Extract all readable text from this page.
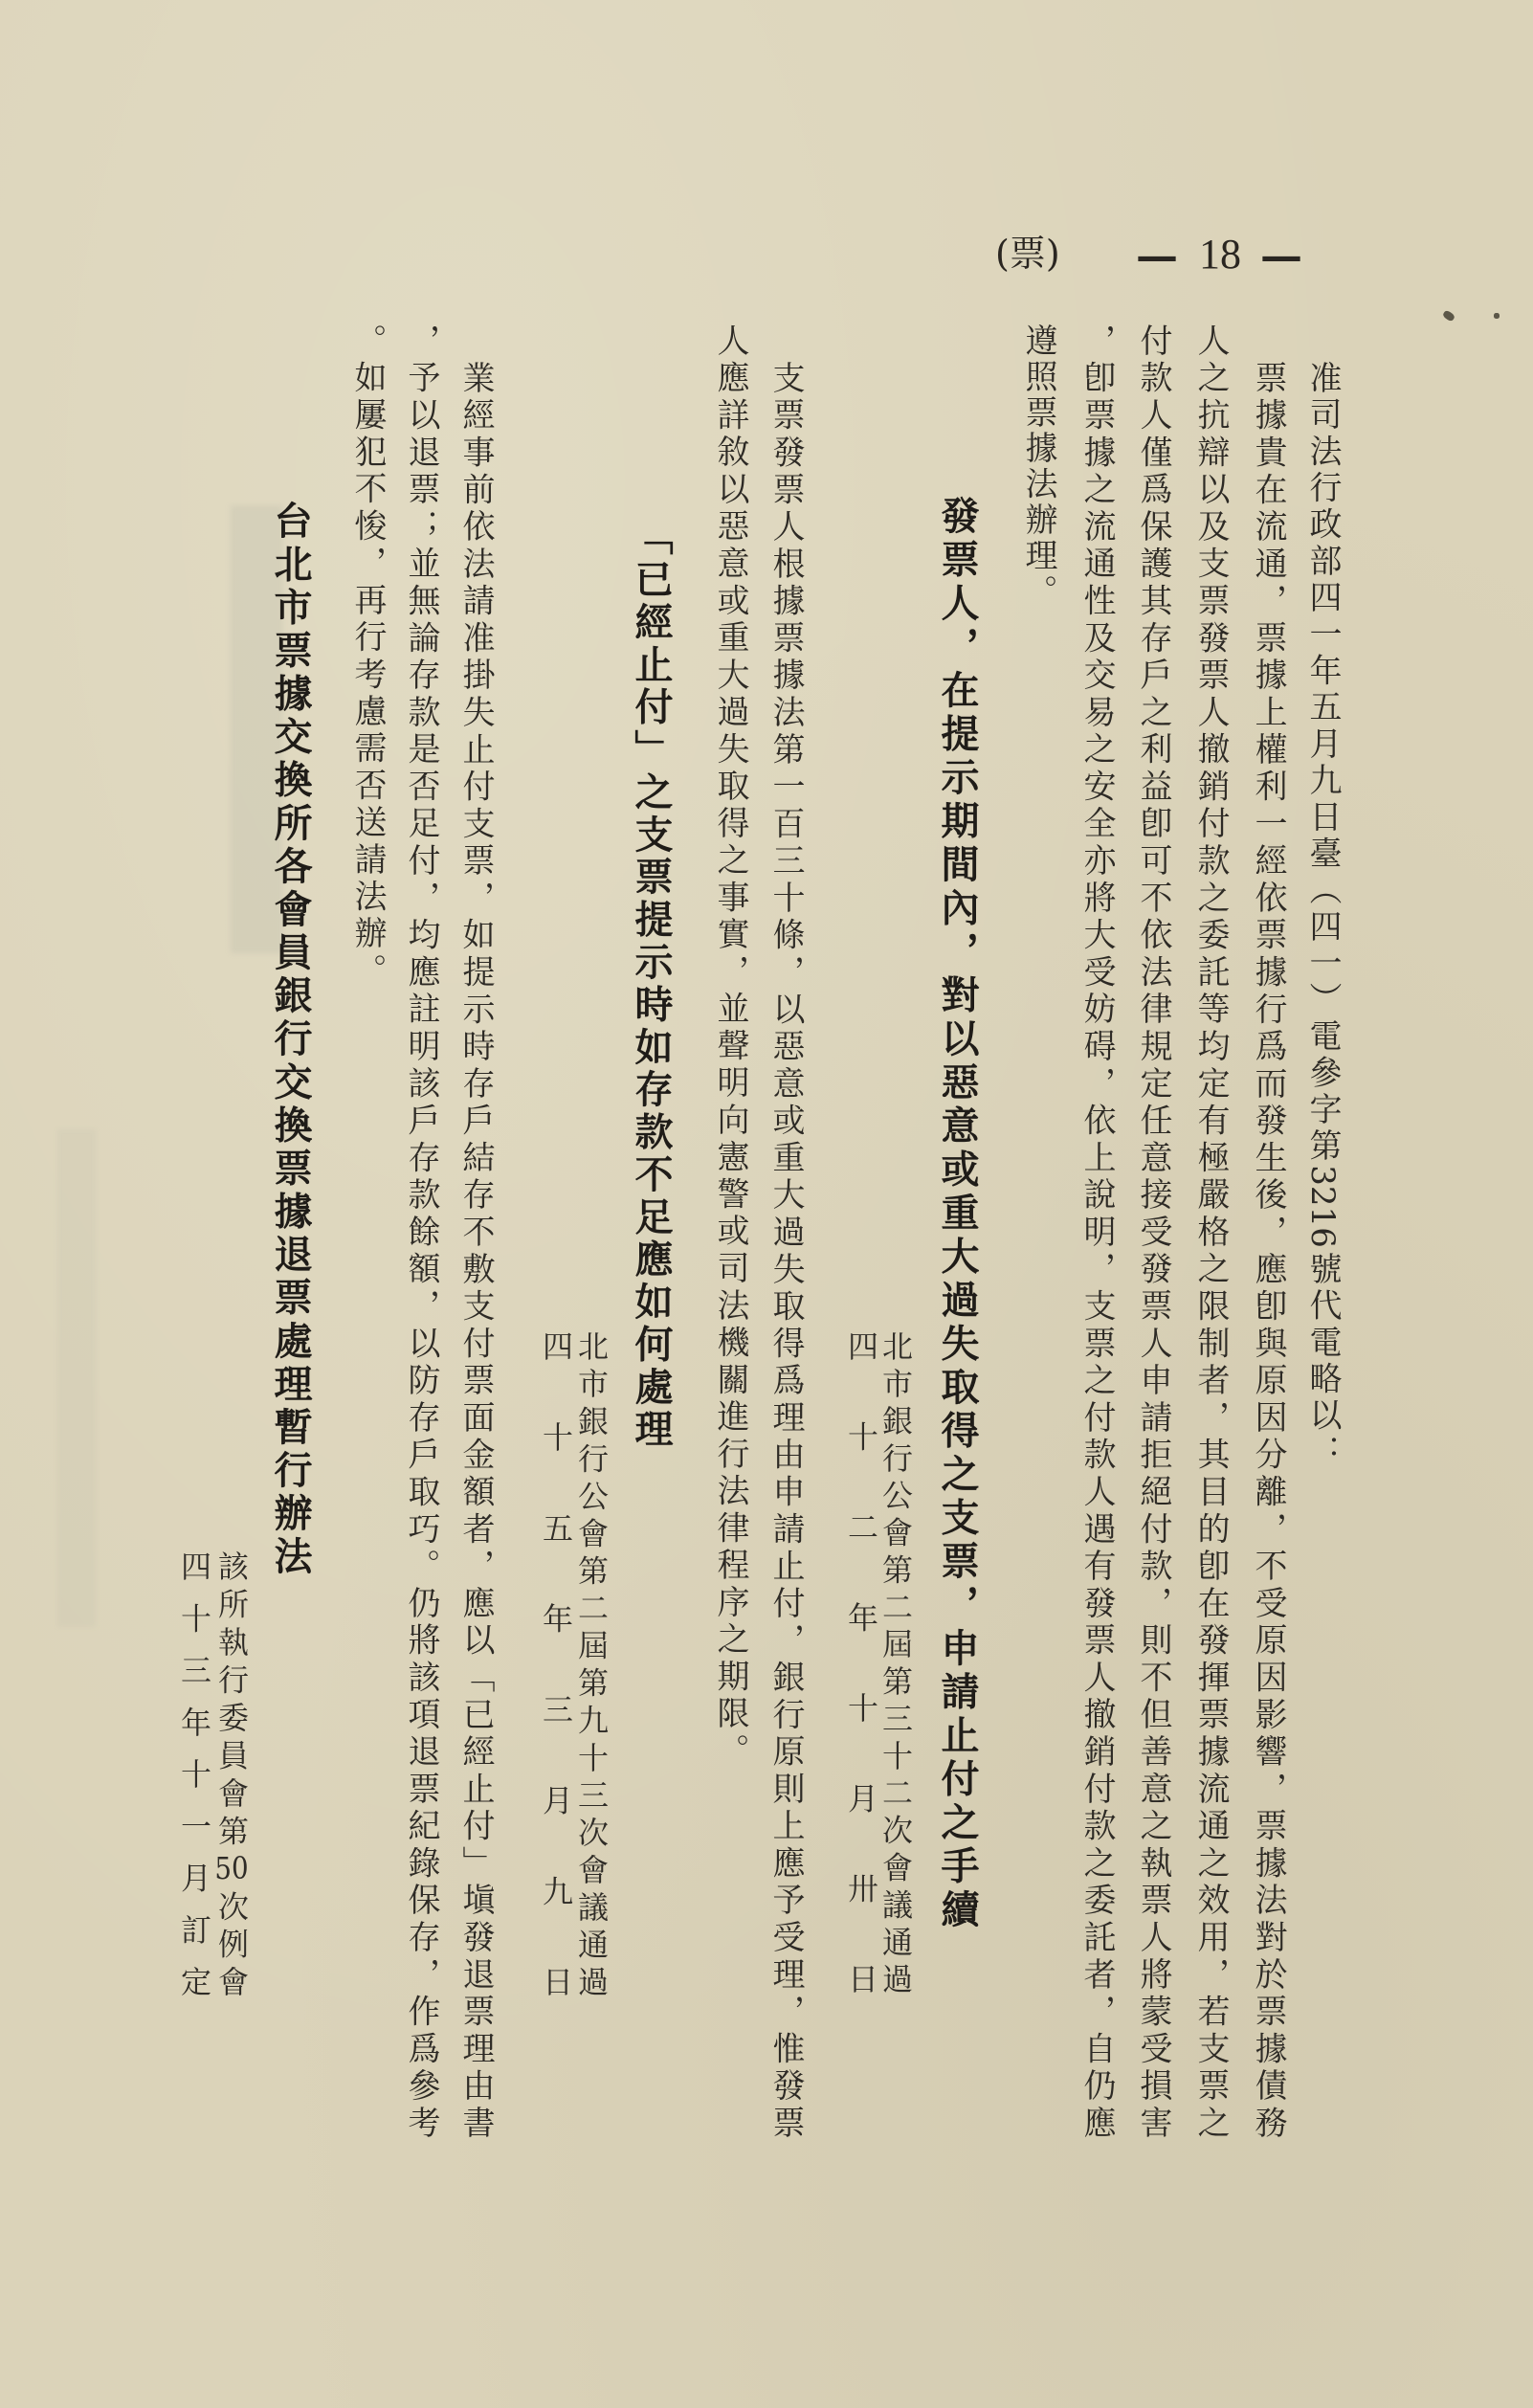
(票) — 18 —
准司法行政部四一年五月九日臺（四一）電參字第3216號代電略以：
票據貴在流通，票據上權利一經依票據行爲而發生後，應卽與原因分離，不受原因影響，票據法對於票據債務
人之抗辯以及支票發票人撤銷付款之委託等均定有極嚴格之限制者，其目的卽在發揮票據流通之效用，若支票之
付款人僅爲保護其存戶之利益卽可不依法律規定任意接受發票人申請拒絕付款，則不但善意之執票人將蒙受損害
，卽票據之流通性及交易之安全亦將大受妨碍，依上說明，支票之付款人遇有發票人撤銷付款之委託者，自仍應
遵照票據法辦理。
發票人，在提示期間內，對以惡意或重大過失取得之支票，申請止付之手續
北市銀行公會第二屆第三十二次會議通過
四十二年十月卅日
支票發票人根據票據法第一百三十條，以惡意或重大過失取得爲理由申請止付，銀行原則上應予受理，惟發票
人應詳敘以惡意或重大過失取得之事實，並聲明向憲警或司法機關進行法律程序之期限。
「已經止付」之支票提示時如存款不足應如何處理
北市銀行公會第二屆第九十三次會議通過
四十五年三月九日
業經事前依法請准掛失止付支票，如提示時存戶結存不敷支付票面金額者，應以「已經止付」塡發退票理由書
，予以退票；並無論存款是否足付，均應註明該戶存款餘額，以防存戶取巧。仍將該項退票紀錄保存，作爲參考
。如屢犯不悛，再行考慮需否送請法辦。
台北市票據交換所各會員銀行交換票據退票處理暫行辦法
該所執行委員會第50次例會
四十三年十一月訂定
